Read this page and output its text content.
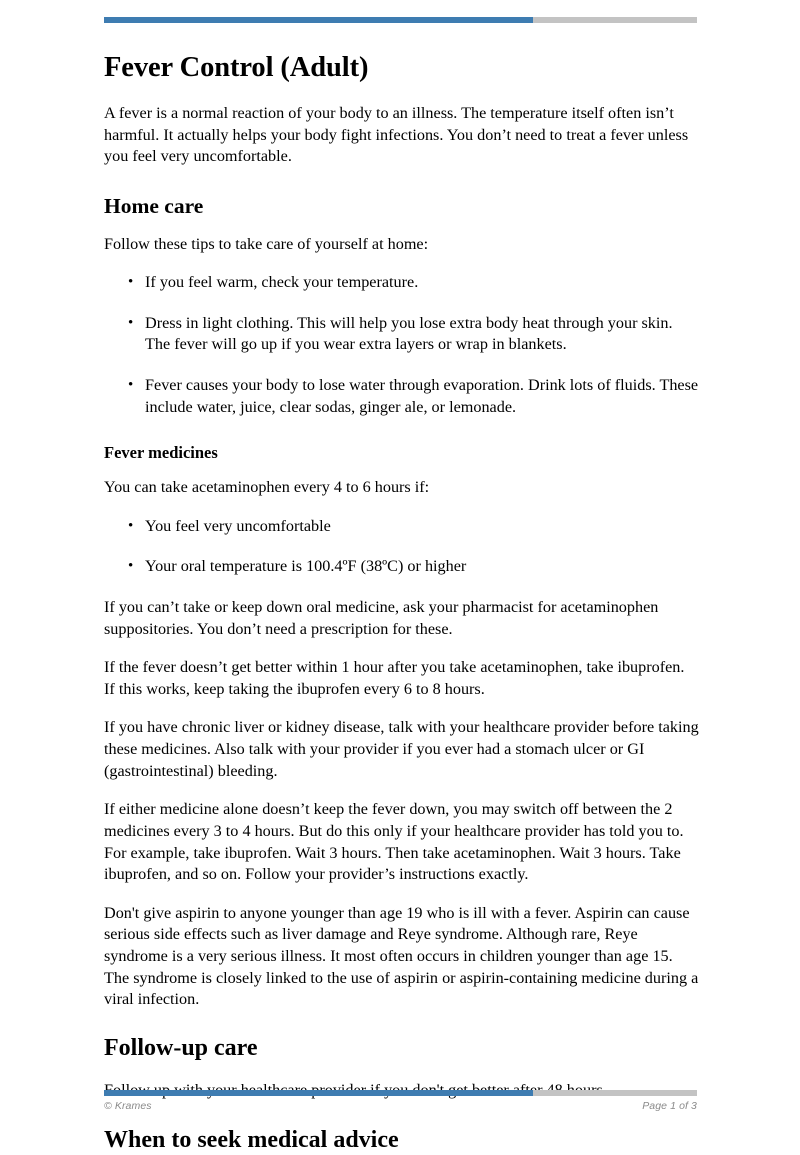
Fever Control (Adult)

A fever is a normal reaction of your body to an illness. The temperature itself often isn’t harmful. It actually helps your body fight infections. You don’t need to treat a fever unless you feel very uncomfortable.

Home care

Follow these tips to take care of yourself at home:

• If you feel warm, check your temperature.
• Dress in light clothing. This will help you lose extra body heat through your skin. The fever will go up if you wear extra layers or wrap in blankets.
• Fever causes your body to lose water through evaporation. Drink lots of fluids. These include water, juice, clear sodas, ginger ale, or lemonade.
Fever medicines

You can take acetaminophen every 4 to 6 hours if:

• You feel very uncomfortable
• Your oral temperature is 100.4ºF (38ºC) or higher

If you can’t take or keep down oral medicine, ask your pharmacist for acetaminophen suppositories. You don’t need a prescription for these.

If the fever doesn’t get better within 1 hour after you take acetaminophen, take ibuprofen. If this works, keep taking the ibuprofen every 6 to 8 hours.

If you have chronic liver or kidney disease, talk with your healthcare provider before taking these medicines. Also talk with your provider if you ever had a stomach ulcer or GI (gastrointestinal) bleeding.

If either medicine alone doesn’t keep the fever down, you may switch off between the 2 medicines every 3 to 4 hours. But do this only if your healthcare provider has told you to. For example, take ibuprofen. Wait 3 hours. Then take acetaminophen. Wait 3 hours. Take ibuprofen, and so on. Follow your provider’s instructions exactly.

Don't give aspirin to anyone younger than age 19 who is ill with a fever. Aspirin can cause serious side effects such as liver damage and Reye syndrome. Although rare, Reye syndrome is a very serious illness. It most often occurs in children younger than age 15. The syndrome is closely linked to the use of aspirin or aspirin-containing medicine during a viral infection.

Follow-up care

When to seek medical advice
© Krames	Page 1 of 3
